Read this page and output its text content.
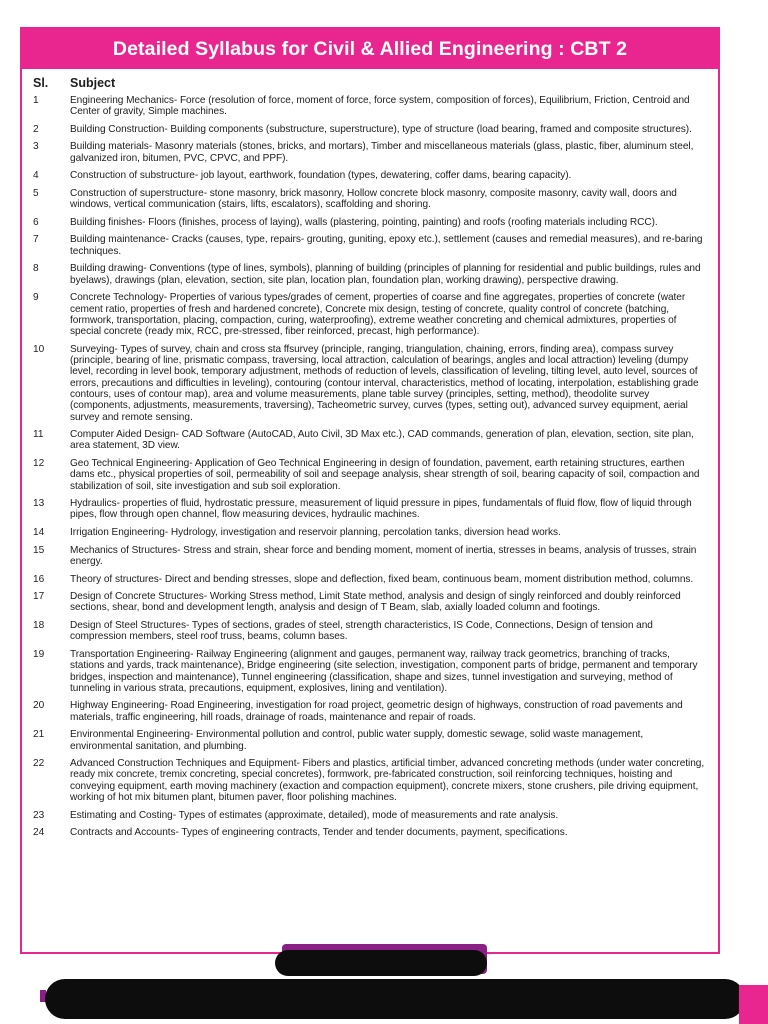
Detailed Syllabus for Civil & Allied Engineering : CBT 2
Sl. Subject
1	Engineering Mechanics- Force (resolution of force, moment of force, force system, composition of forces), Equilibrium, Friction, Centroid and Center of gravity, Simple machines.
2	Building Construction- Building components (substructure, superstructure), type of structure (load bearing, framed and composite structures).
3	Building materials- Masonry materials (stones, bricks, and mortars), Timber and miscellaneous materials (glass, plastic, fiber, aluminum steel, galvanized iron, bitumen, PVC, CPVC, and PPF).
4	Construction of substructure- job layout, earthwork, foundation (types, dewatering, coffer dams, bearing capacity).
5	Construction of superstructure- stone masonry, brick masonry, Hollow concrete block masonry, composite masonry, cavity wall, doors and windows, vertical communication (stairs, lifts, escalators), scaffolding and shoring.
6	Building finishes- Floors (finishes, process of laying), walls (plastering, pointing, painting) and roofs (roofing materials including RCC).
7	Building maintenance- Cracks (causes, type, repairs- grouting, guniting, epoxy etc.), settlement (causes and remedial measures), and re-baring techniques.
8	Building drawing- Conventions (type of lines, symbols), planning of building (principles of planning for residential and public buildings, rules and byelaws), drawings (plan, elevation, section, site plan, location plan, foundation plan, working drawing), perspective drawing.
9	Concrete Technology- Properties of various types/grades of cement, properties of coarse and fine aggregates, properties of concrete (water cement ratio, properties of fresh and hardened concrete), Concrete mix design, testing of concrete, quality control of concrete (batching, formwork, transportation, placing, compaction, curing, waterproofing), extreme weather concreting and chemical admixtures, properties of special concrete (ready mix, RCC, pre-stressed, fiber reinforced, precast, high performance).
10	Surveying- Types of survey, chain and cross sta ffsurvey (principle, ranging, triangulation, chaining, errors, finding area), compass survey (principle, bearing of line, prismatic compass, traversing, local attraction, calculation of bearings, angles and local attraction) leveling (dumpy level, recording in level book, temporary adjustment, methods of reduction of levels, classification of leveling, tilting level, auto level, sources of errors, precautions and difficulties in leveling), contouring (contour interval, characteristics, method of locating, interpolation, establishing grade contours, uses of contour map), area and volume measurements, plane table survey (principles, setting, method), theodolite survey (components, adjustments, measurements, traversing), Tacheometric survey, curves (types, setting out), advanced survey equipment, aerial survey and remote sensing.
11	Computer Aided Design- CAD Software (AutoCAD, Auto Civil, 3D Max etc.), CAD commands, generation of plan, elevation, section, site plan, area statement, 3D view.
12	Geo Technical Engineering- Application of Geo Technical Engineering in design of foundation, pavement, earth retaining structures, earthen dams etc., physical properties of soil, permeability of soil and seepage analysis, shear strength of soil, bearing capacity of soil, compaction and stabilization of soil, site investigation and sub soil exploration.
13	Hydraulics- properties of fluid, hydrostatic pressure, measurement of liquid pressure in pipes, fundamentals of fluid flow, flow of liquid through pipes, flow through open channel, flow measuring devices, hydraulic machines.
14	Irrigation Engineering- Hydrology, investigation and reservoir planning, percolation tanks, diversion head works.
15	Mechanics of Structures- Stress and strain, shear force and bending moment, moment of inertia, stresses in beams, analysis of trusses, strain energy.
16	Theory of structures- Direct and bending stresses, slope and deflection, fixed beam, continuous beam, moment distribution method, columns.
17	Design of Concrete Structures- Working Stress method, Limit State method, analysis and design of singly reinforced and doubly reinforced sections, shear, bond and development length, analysis and design of T Beam, slab, axially loaded column and footings.
18	Design of Steel Structures- Types of sections, grades of steel, strength characteristics, IS Code, Connections, Design of tension and compression members, steel roof truss, beams, column bases.
19	Transportation Engineering- Railway Engineering (alignment and gauges, permanent way, railway track geometrics, branching of tracks, stations and yards, track maintenance), Bridge engineering (site selection, investigation, component parts of bridge, permanent and temporary bridges, inspection and maintenance), Tunnel engineering (classification, shape and sizes, tunnel investigation and surveying, method of tunneling in various strata, precautions, equipment, explosives, lining and ventilation).
20	Highway Engineering- Road Engineering, investigation for road project, geometric design of highways, construction of road pavements and materials, traffic engineering, hill roads, drainage of roads, maintenance and repair of roads.
21	Environmental Engineering- Environmental pollution and control, public water supply, domestic sewage, solid waste management, environmental sanitation, and plumbing.
22	Advanced Construction Techniques and Equipment- Fibers and plastics, artificial timber, advanced concreting methods (under water concreting, ready mix concrete, tremix concreting, special concretes), formwork, pre-fabricated construction, soil reinforcing techniques, hoisting and conveying equipment, earth moving machinery (exaction and compaction equipment), concrete mixers, stone crushers, pile driving equipment, working of hot mix bitumen plant, bitumen paver, floor polishing machines.
23	Estimating and Costing- Types of estimates (approximate, detailed), mode of measurements and rate analysis.
24	Contracts and Accounts- Types of engineering contracts, Tender and tender documents, payment, specifications.
